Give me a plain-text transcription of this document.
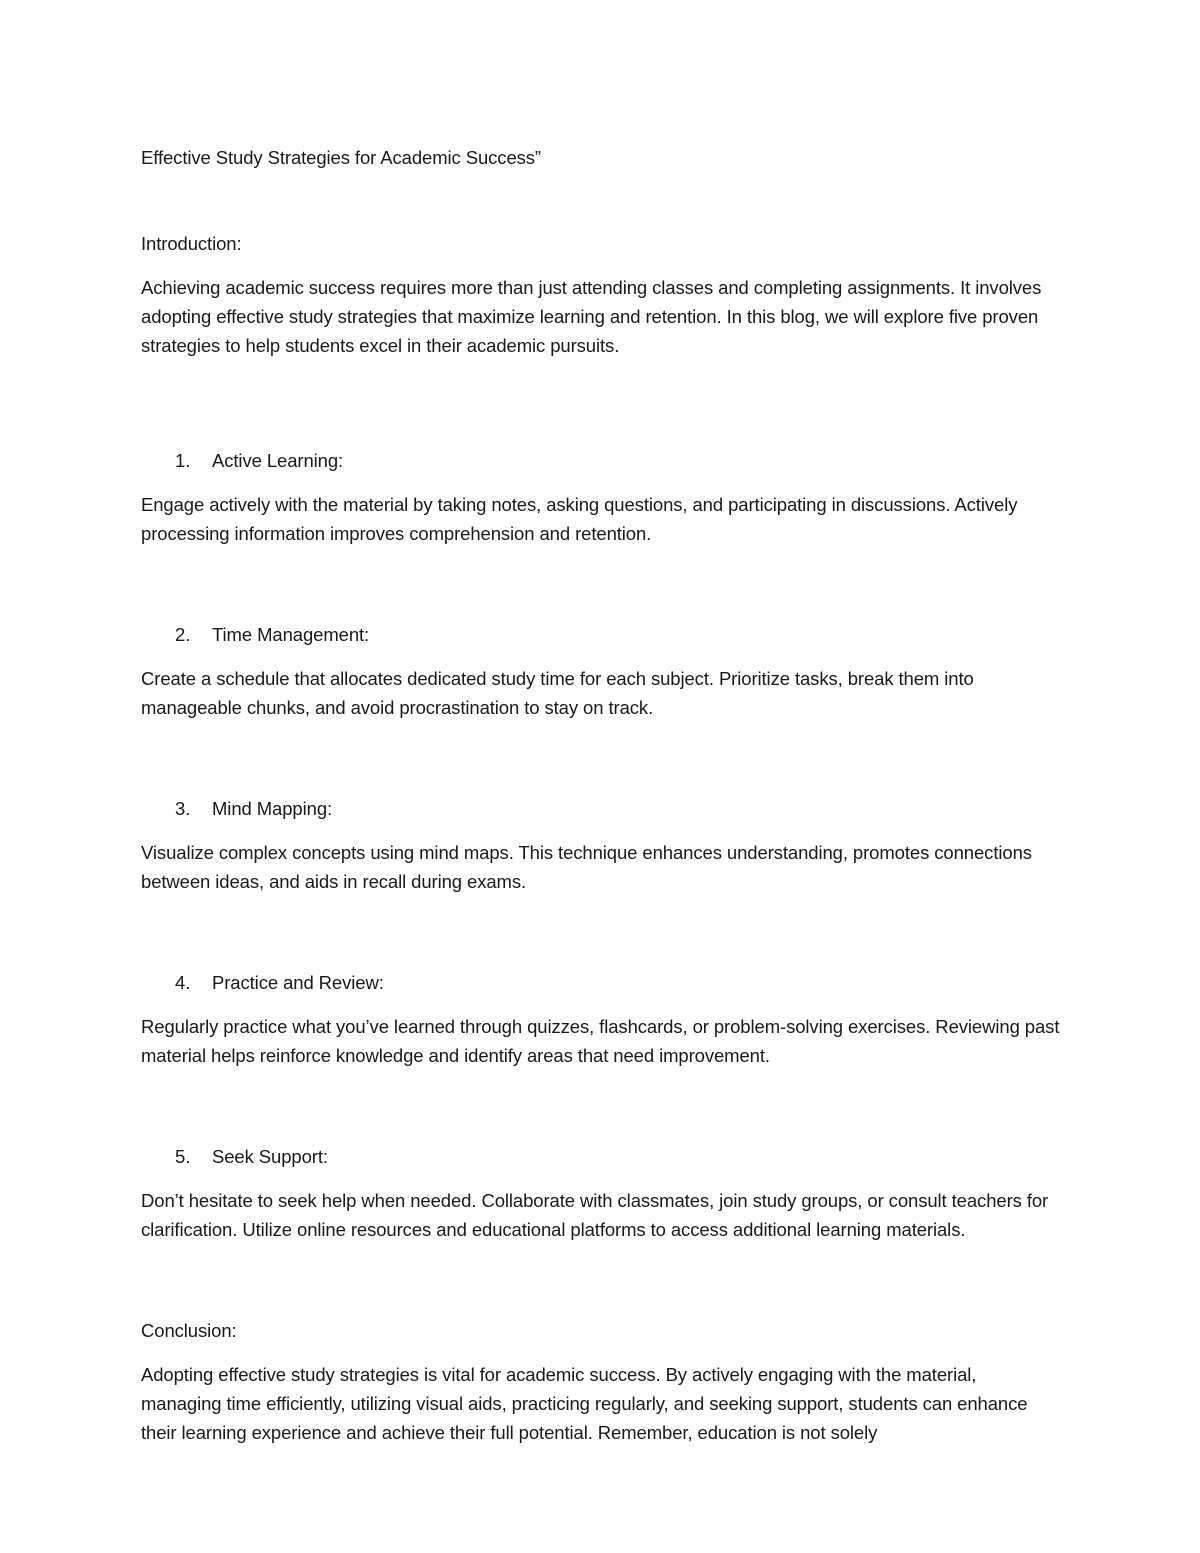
Effective Study Strategies for Academic Success”

Introduction:

Achieving academic success requires more than just attending classes and completing assignments. It involves adopting effective study strategies that maximize learning and retention. In this blog, we will explore five proven strategies to help students excel in their academic pursuits.

1. Active Learning:

Engage actively with the material by taking notes, asking questions, and participating in discussions. Actively processing information improves comprehension and retention.

2. Time Management:

Create a schedule that allocates dedicated study time for each subject. Prioritize tasks, break them into manageable chunks, and avoid procrastination to stay on track.

3. Mind Mapping:

Visualize complex concepts using mind maps. This technique enhances understanding, promotes connections between ideas, and aids in recall during exams.

4. Practice and Review:

Regularly practice what you’ve learned through quizzes, flashcards, or problem-solving exercises. Reviewing past material helps reinforce knowledge and identify areas that need improvement.

5. Seek Support:

Don’t hesitate to seek help when needed. Collaborate with classmates, join study groups, or consult teachers for clarification. Utilize online resources and educational platforms to access additional learning materials.

Conclusion:

Adopting effective study strategies is vital for academic success. By actively engaging with the material, managing time efficiently, utilizing visual aids, practicing regularly, and seeking support, students can enhance their learning experience and achieve their full potential. Remember, education is not solely
